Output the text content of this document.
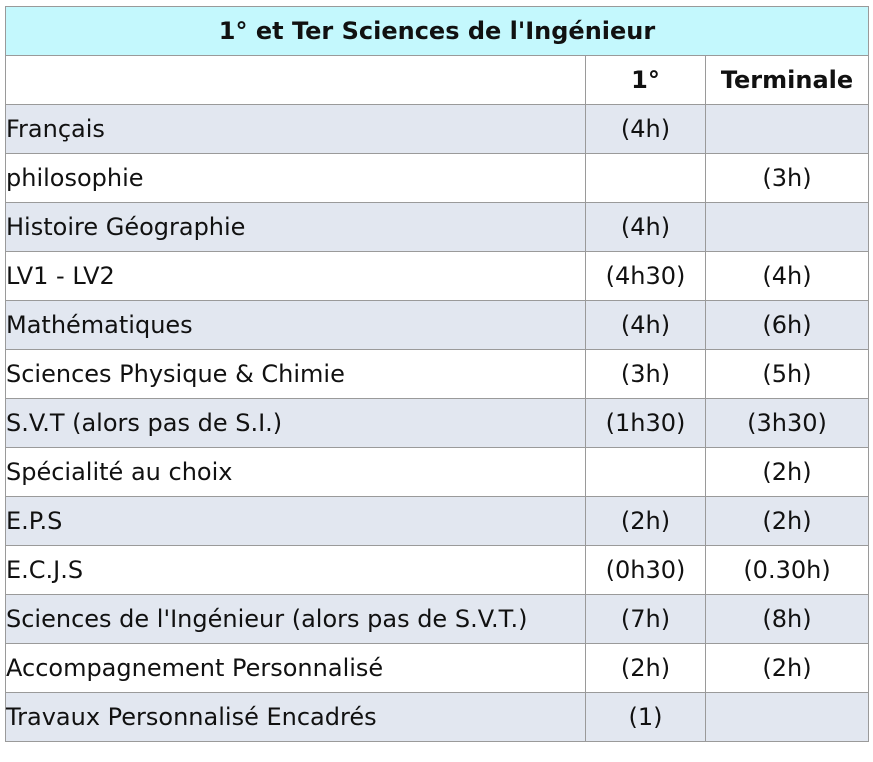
1° et Ter Sciences de l'Ingénieur		
	1°	Terminale
Français	(4h)	
philosophie		(3h)
Histoire Géographie	(4h)	
LV1 - LV2	(4h30)	(4h)
Mathématiques	(4h)	(6h)
Sciences Physique & Chimie	(3h)	(5h)
S.V.T (alors pas de S.I.)	(1h30)	(3h30)
Spécialité au choix		(2h)
E.P.S	(2h)	(2h)
E.C.J.S	(0h30)	(0.30h)
Sciences de l'Ingénieur (alors pas de S.V.T.)	(7h)	(8h)
Accompagnement Personnalisé	(2h)	(2h)
Travaux Personnalisé Encadrés	(1)	
